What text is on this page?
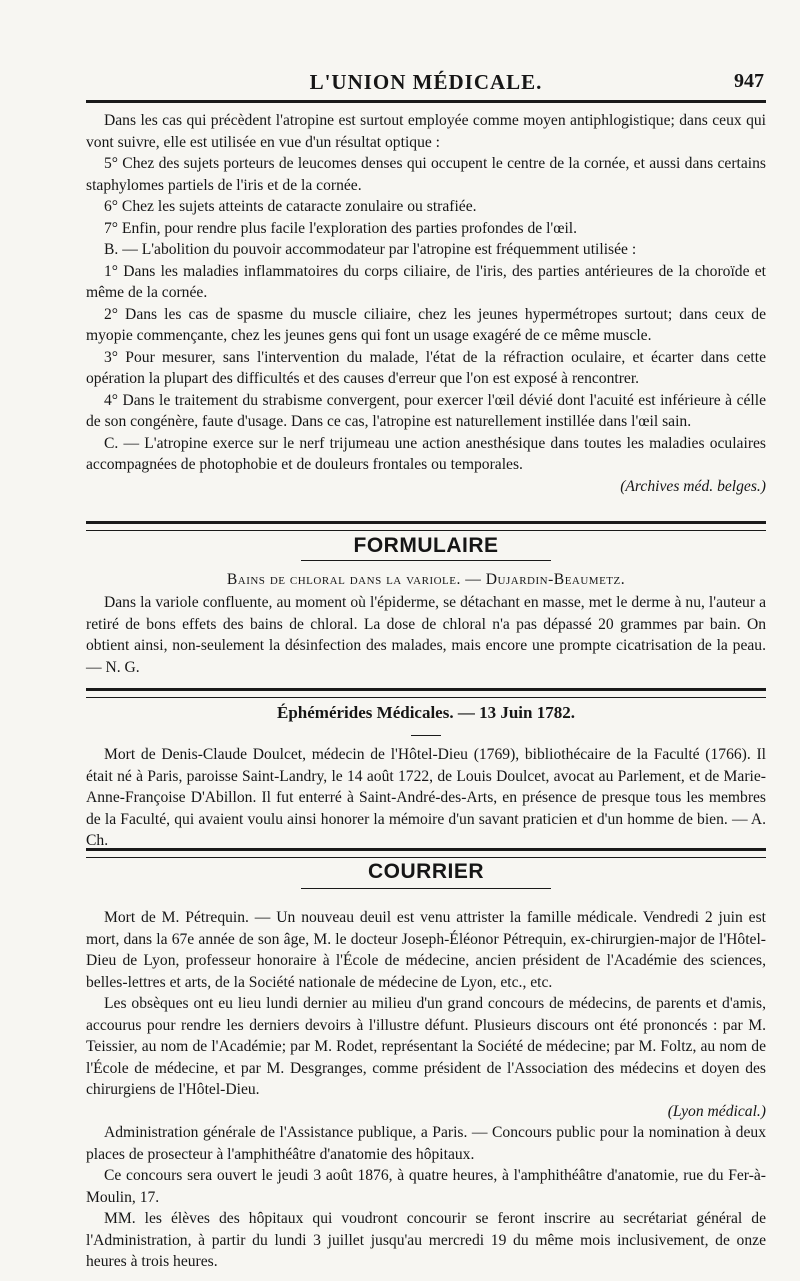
L'UNION MÉDICALE.	947

Dans les cas qui précèdent l'atropine est surtout employée comme moyen antiphlogistique; dans ceux qui vont suivre, elle est utilisée en vue d'un résultat optique :

5° Chez des sujets porteurs de leucomes denses qui occupent le centre de la cornée, et aussi dans certains staphylomes partiels de l'iris et de la cornée.

6° Chez les sujets atteints de cataracte zonulaire ou strafiée.

7° Enfin, pour rendre plus facile l'exploration des parties profondes de l'œil.

B. — L'abolition du pouvoir accommodateur par l'atropine est fréquemment utilisée :

1° Dans les maladies inflammatoires du corps ciliaire, de l'iris, des parties antérieures de la choroïde et même de la cornée.

2° Dans les cas de spasme du muscle ciliaire, chez les jeunes hypermétropes surtout; dans ceux de myopie commençante, chez les jeunes gens qui font un usage exagéré de ce même muscle.

3° Pour mesurer, sans l'intervention du malade, l'état de la réfraction oculaire, et écarter dans cette opération la plupart des difficultés et des causes d'erreur que l'on est exposé à rencontrer.

4° Dans le traitement du strabisme convergent, pour exercer l'œil dévié dont l'acuité est inférieure à célle de son congénère, faute d'usage. Dans ce cas, l'atropine est naturellement instillée dans l'œil sain.

C. — L'atropine exerce sur le nerf trijumeau une action anesthésique dans toutes les maladies oculaires accompagnées de photophobie et de douleurs frontales ou temporales.

(Archives méd. belges.)

FORMULAIRE
Bains de chloral dans la variole. — Dujardin-Beaumetz.

Dans la variole confluente, au moment où l'épiderme, se détachant en masse, met le derme à nu, l'auteur a retiré de bons effets des bains de chloral. La dose de chloral n'a pas dépassé 20 grammes par bain. On obtient ainsi, non-seulement la désinfection des malades, mais encore une prompte cicatrisation de la peau. — N. G.

Éphémérides Médicales. — 13 Juin 1782.

Mort de Denis-Claude Doulcet, médecin de l'Hôtel-Dieu (1769), bibliothécaire de la Faculté (1766). Il était né à Paris, paroisse Saint-Landry, le 14 août 1722, de Louis Doulcet, avocat au Parlement, et de Marie-Anne-Françoise D'Abillon. Il fut enterré à Saint-André-des-Arts, en présence de presque tous les membres de la Faculté, qui avaient voulu ainsi honorer la mémoire d'un savant praticien et d'un homme de bien. — A. Ch.

COURRIER

Mort de M. Pétrequin. — Un nouveau deuil est venu attrister la famille médicale. Vendredi 2 juin est mort, dans la 67e année de son âge, M. le docteur Joseph-Éléonor Pétrequin, ex-chirurgien-major de l'Hôtel-Dieu de Lyon, professeur honoraire à l'École de médecine, ancien président de l'Académie des sciences, belles-lettres et arts, de la Société nationale de médecine de Lyon, etc., etc.

Les obsèques ont eu lieu lundi dernier au milieu d'un grand concours de médecins, de parents et d'amis, accourus pour rendre les derniers devoirs à l'illustre défunt. Plusieurs discours ont été prononcés : par M. Teissier, au nom de l'Académie; par M. Rodet, représentant la Société de médecine; par M. Foltz, au nom de l'École de médecine, et par M. Desgranges, comme président de l'Association des médecins et doyen des chirurgiens de l'Hôtel-Dieu.

(Lyon médical.)

Administration générale de l'Assistance publique, a Paris. — Concours public pour la nomination à deux places de prosecteur à l'amphithéâtre d'anatomie des hôpitaux.

Ce concours sera ouvert le jeudi 3 août 1876, à quatre heures, à l'amphithéâtre d'anatomie, rue du Fer-à-Moulin, 17.

MM. les élèves des hôpitaux qui voudront concourir se feront inscrire au secrétariat général de l'Administration, à partir du lundi 3 juillet jusqu'au mercredi 19 du même mois inclusivement, de onze heures à trois heures.
